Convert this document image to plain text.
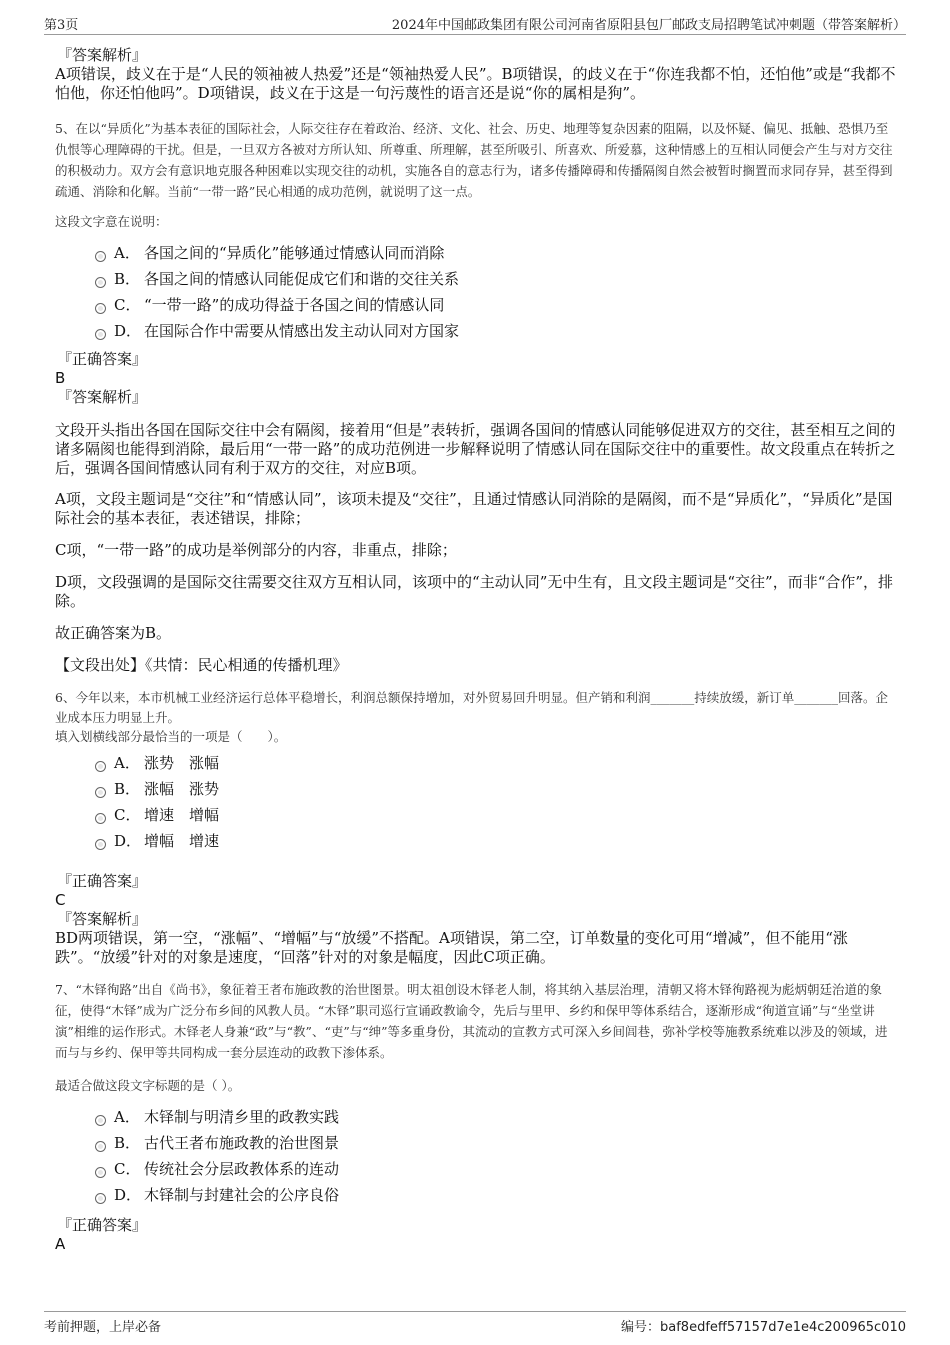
第3页	2024年中国邮政集团有限公司河南省原阳县包厂邮政支局招聘笔试冲刺题（带答案解析）
『答案解析』
A项错误，歧义在于是“人民的领袖被人热爱”还是“领袖热爱人民”。B项错误，的歧义在于“你连我都不怕，还怕他”或是“我都不怕他，你还怕他吗”。D项错误，歧义在于这是一句污蔑性的语言还是说“你的属相是狗”。
5、在以“异质化”为基本表征的国际社会，人际交往存在着政治、经济、文化、社会、历史、地理等复杂因素的阻隔，以及怀疑、偏见、抵触、恐惧乃至仇恨等心理障碍的干扰。但是，一旦双方各被对方所认知、所尊重、所理解，甚至所吸引、所喜欢、所爱慕，这种情感上的互相认同便会产生与对方交往的积极动力。双方会有意识地克服各种困难以实现交往的动机，实施各自的意志行为，诸多传播障碍和传播隔阂自然会被暂时搁置而求同存异，甚至得到疏通、消除和化解。当前“一带一路”民心相通的成功范例，就说明了这一点。
这段文字意在说明：
A． 各国之间的“异质化”能够通过情感认同而消除
B． 各国之间的情感认同能促成它们和谐的交往关系
C． “一带一路”的成功得益于各国之间的情感认同
D． 在国际合作中需要从情感出发主动认同对方国家
『正确答案』
B
『答案解析』
文段开头指出各国在国际交往中会有隔阂，接着用“但是”表转折，强调各国间的情感认同能够促进双方的交往，甚至相互之间的诸多隔阂也能得到消除，最后用“一带一路”的成功范例进一步解释说明了情感认同在国际交往中的重要性。故文段重点在转折之后，强调各国间情感认同有利于双方的交往，对应B项。
A项，文段主题词是“交往”和“情感认同”，该项未提及“交往”，且通过情感认同消除的是隔阂，而不是“异质化”，“异质化”是国际社会的基本表征，表述错误，排除；
C项，“一带一路”的成功是举例部分的内容，非重点，排除；
D项，文段强调的是国际交往需要交往双方互相认同，该项中的“主动认同”无中生有，且文段主题词是“交往”，而非“合作”，排除。
故正确答案为B。
【文段出处】《共情：民心相通的传播机理》
6、今年以来，本市机械工业经济运行总体平稳增长，利润总额保持增加，对外贸易回升明显。但产销和利润_______持续放缓，新订单_______回落。企业成本压力明显上升。
填入划横线部分最恰当的一项是（　　）。
A． 涨势　涨幅
B． 涨幅　涨势
C． 增速　增幅
D． 增幅　增速
『正确答案』
C
『答案解析』
BD两项错误，第一空，“涨幅”、“增幅”与“放缓”不搭配。A项错误，第二空，订单数量的变化可用“增减”，但不能用“涨跌”。“放缓”针对的对象是速度，“回落”针对的对象是幅度，因此C项正确。
7、“木铎徇路”出自《尚书》，象征着王者布施政教的治世图景。明太祖创设木铎老人制，将其纳入基层治理，清朝又将木铎徇路视为彪炳朝廷治道的象征，使得“木铎”成为广泛分布乡间的风教人员。“木铎”职司巡行宣诵政教谕令，先后与里甲、乡约和保甲等体系结合，逐渐形成“徇道宣诵”与“坐堂讲演”相维的运作形式。木铎老人身兼“政”与“教”、“吏”与“绅”等多重身份，其流动的宣教方式可深入乡间闾巷，弥补学校等施教系统难以涉及的领域，进而与与乡约、保甲等共同构成一套分层连动的政教下渗体系。
最适合做这段文字标题的是（ ）。
A． 木铎制与明清乡里的政教实践
B． 古代王者布施政教的治世图景
C． 传统社会分层政教体系的连动
D． 木铎制与封建社会的公序良俗
『正确答案』
A
考前押题，上岸必备	编号：baf8edfeff57157d7e1e4c200965c010
